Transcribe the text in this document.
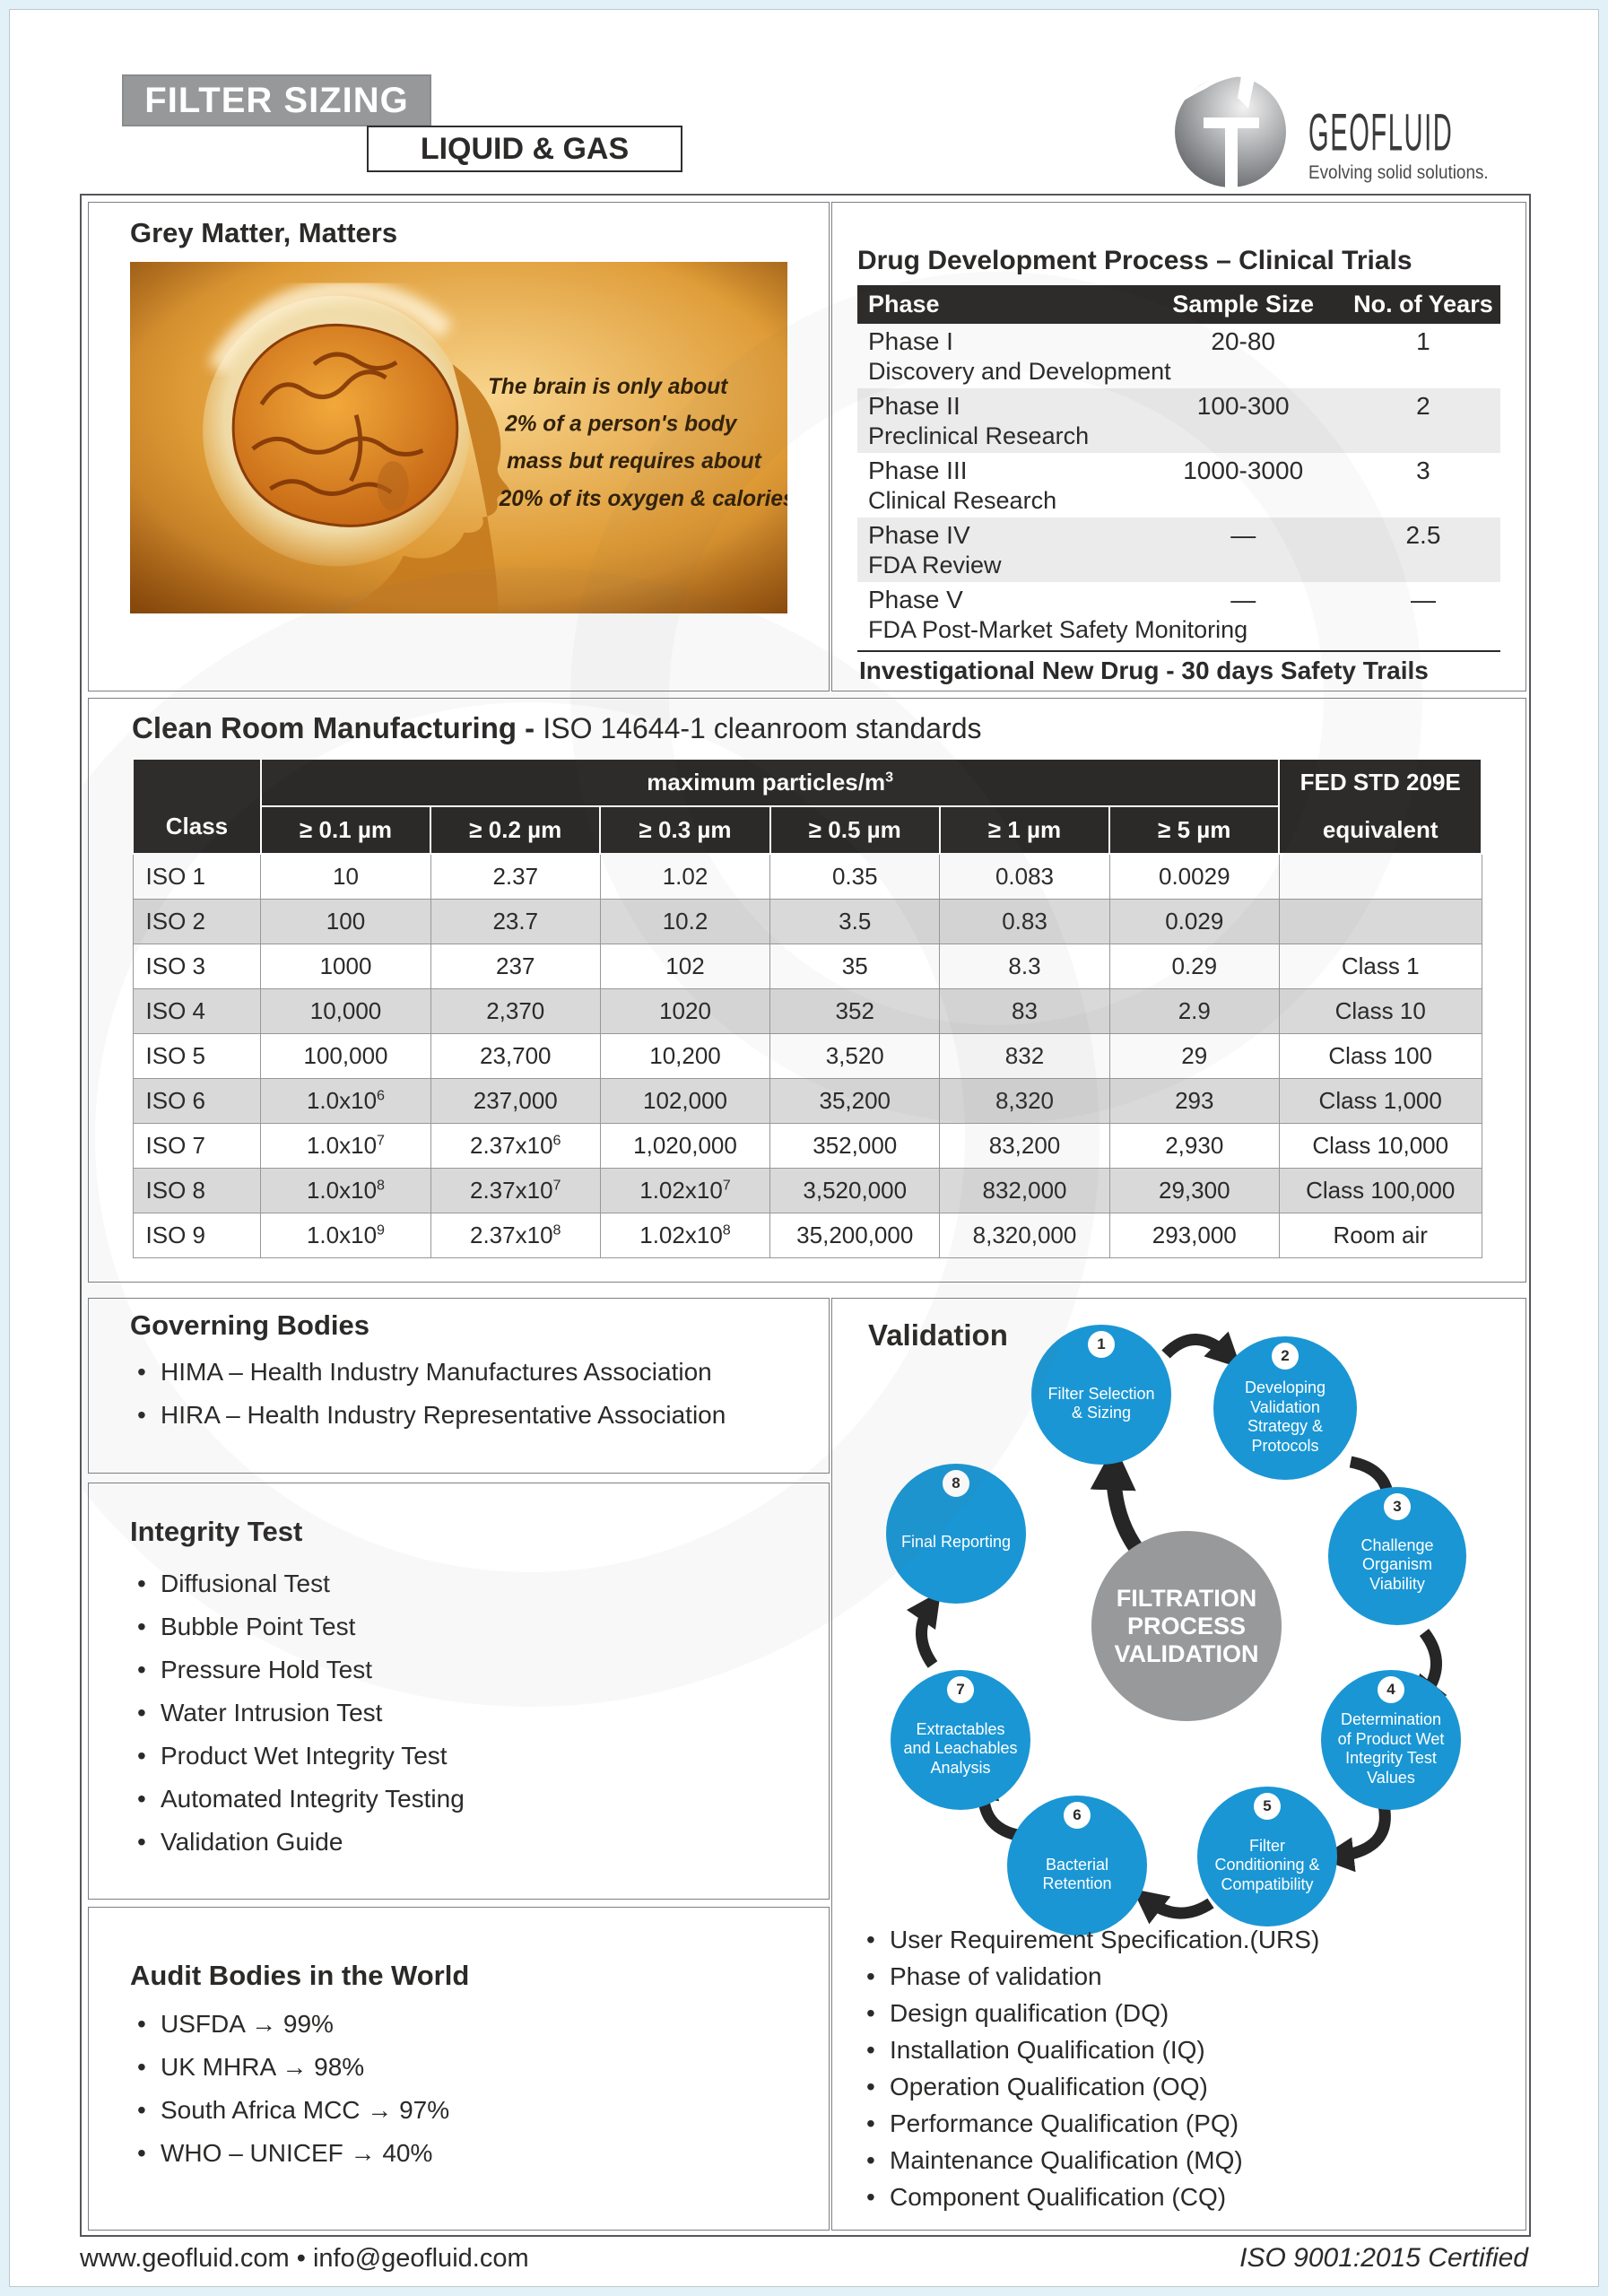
FILTER SIZING
LIQUID & GAS	GEOFLUID
Evolving solid solutions.
Grey Matter, Matters
Drug Development Process – Clinical Trials
Phase	Sample Size	No. of Years
Phase I	20-80	1
Discovery and Development
Phase II	100-300	2
Preclinical Research
Phase III	1000-3000	3
Clinical Research
Phase IV	—	2.5
FDA Review
Phase V	—	—
FDA Post-Market Safety Monitoring
Investigational New Drug - 30 days Safety Trails
Clean Room Manufacturing - ISO 14644-1 cleanroom standards
Class	maximum particles/$m^3$						FED STD 209E
equivalent

	≥ 0.1 µm	≥ 0.2 µm	≥ 0.3 µm	≥ 0.5 µm	≥ 1 µm	≥ 5 µm	
ISO 1	10	2.37	1.02	0.35	0.083	0.0029	
ISO 2	100	23.7	10.2	3.5	0.83	0.029	
ISO 3	1000	237	102	35	8.3	0.29	Class 1
ISO 4	10,000	2,370	1020	352	83	2.9	Class 10
ISO 5	100,000	23,700	10,200	3,520	832	29	Class 100
ISO 6	$1.0x10^6$	237,000	102,000	35,200	8,320	293	Class 1,000
ISO 7	$1.0x10^7$	$2.37x10^6$	1,020,000	352,000	83,200	2,930	Class 10,000
ISO 8	$1.0x10^8$	$2.37x10^7$	$1.02x10^7$	3,520,000	832,000	29,300	Class 100,000
ISO 9	$1.0x10^9$	$2.37x10^8$	$1.02x10^8$	35,200,000	8,320,000	293,000	Room air
Governing Bodies
• HIMA – Health Industry Manufactures Association
• HIRA – Health Industry Representative Association
Integrity Test
• Diffusional Test
• Bubble Point Test
• Pressure Hold Test
• Water Intrusion Test
• Product Wet Integrity Test
• Automated Integrity Testing
• Validation Guide
Audit Bodies in the World
• USFDA → 99%
• UK MHRA → 98%
• South Africa MCC → 97%
• WHO – UNICEF → 40%
Validation
FILTRATION
PROCESS
VALIDATION
1
Filter Selection & Sizing
2
Developing Validation Strategy & Protocols
3
Challenge Organism Viability
4
Determination of Product Wet Integrity Test Values
5
Filter Conditioning & Compatibility
6
Bacterial Retention
7
Extractables and Leachables Analysis
8
Final Reporting
• User Requirement Specification.(URS)
• Phase of validation
• Design qualification (DQ)
• Installation Qualification (IQ)
• Operation Qualification (OQ)
• Performance Qualification (PQ)
• Maintenance Qualification (MQ)
• Component Qualification (CQ)
www.geofluid.com • info@geofluid.com	ISO 9001:2015 Certified
